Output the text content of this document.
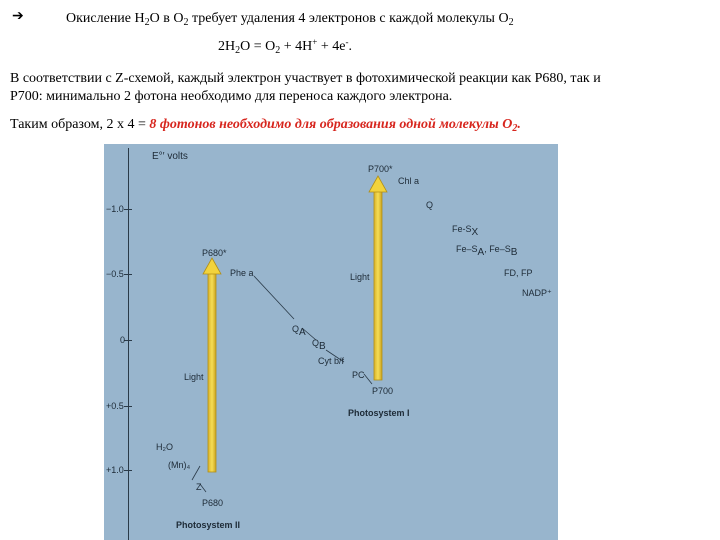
➔	Окисление $H_2O$ в $O_2$ требует удаления 4 электронов с каждой молекулы $O_2$
$2H_2O = O_2 + 4H^+ + 4e^-$.
В соответствии с Z-схемой, каждый электрон участвует в фотохимической реакции как Р680, так и
Р700: минимально 2 фотона необходимо для переноса каждого электрона.
Таким образом, 2 х 4 = 8 фотонов необходимо для образования одной молекулы $O_2$.
E°′ volts
−1.0
−0.5
0
+0.5
+1.0
P680*
Phe a
Light
H₂O
(Mn)₄
Z
P680
Photosystem II
$Q_A$
$Q_B$
Cyt b/f
PC
P700*
Chl a
Q
$Fe-S_X$
$Fe-S_A$, $Fe-S_B$
FD, FP
NADP⁺
Light
P700
Photosystem I
